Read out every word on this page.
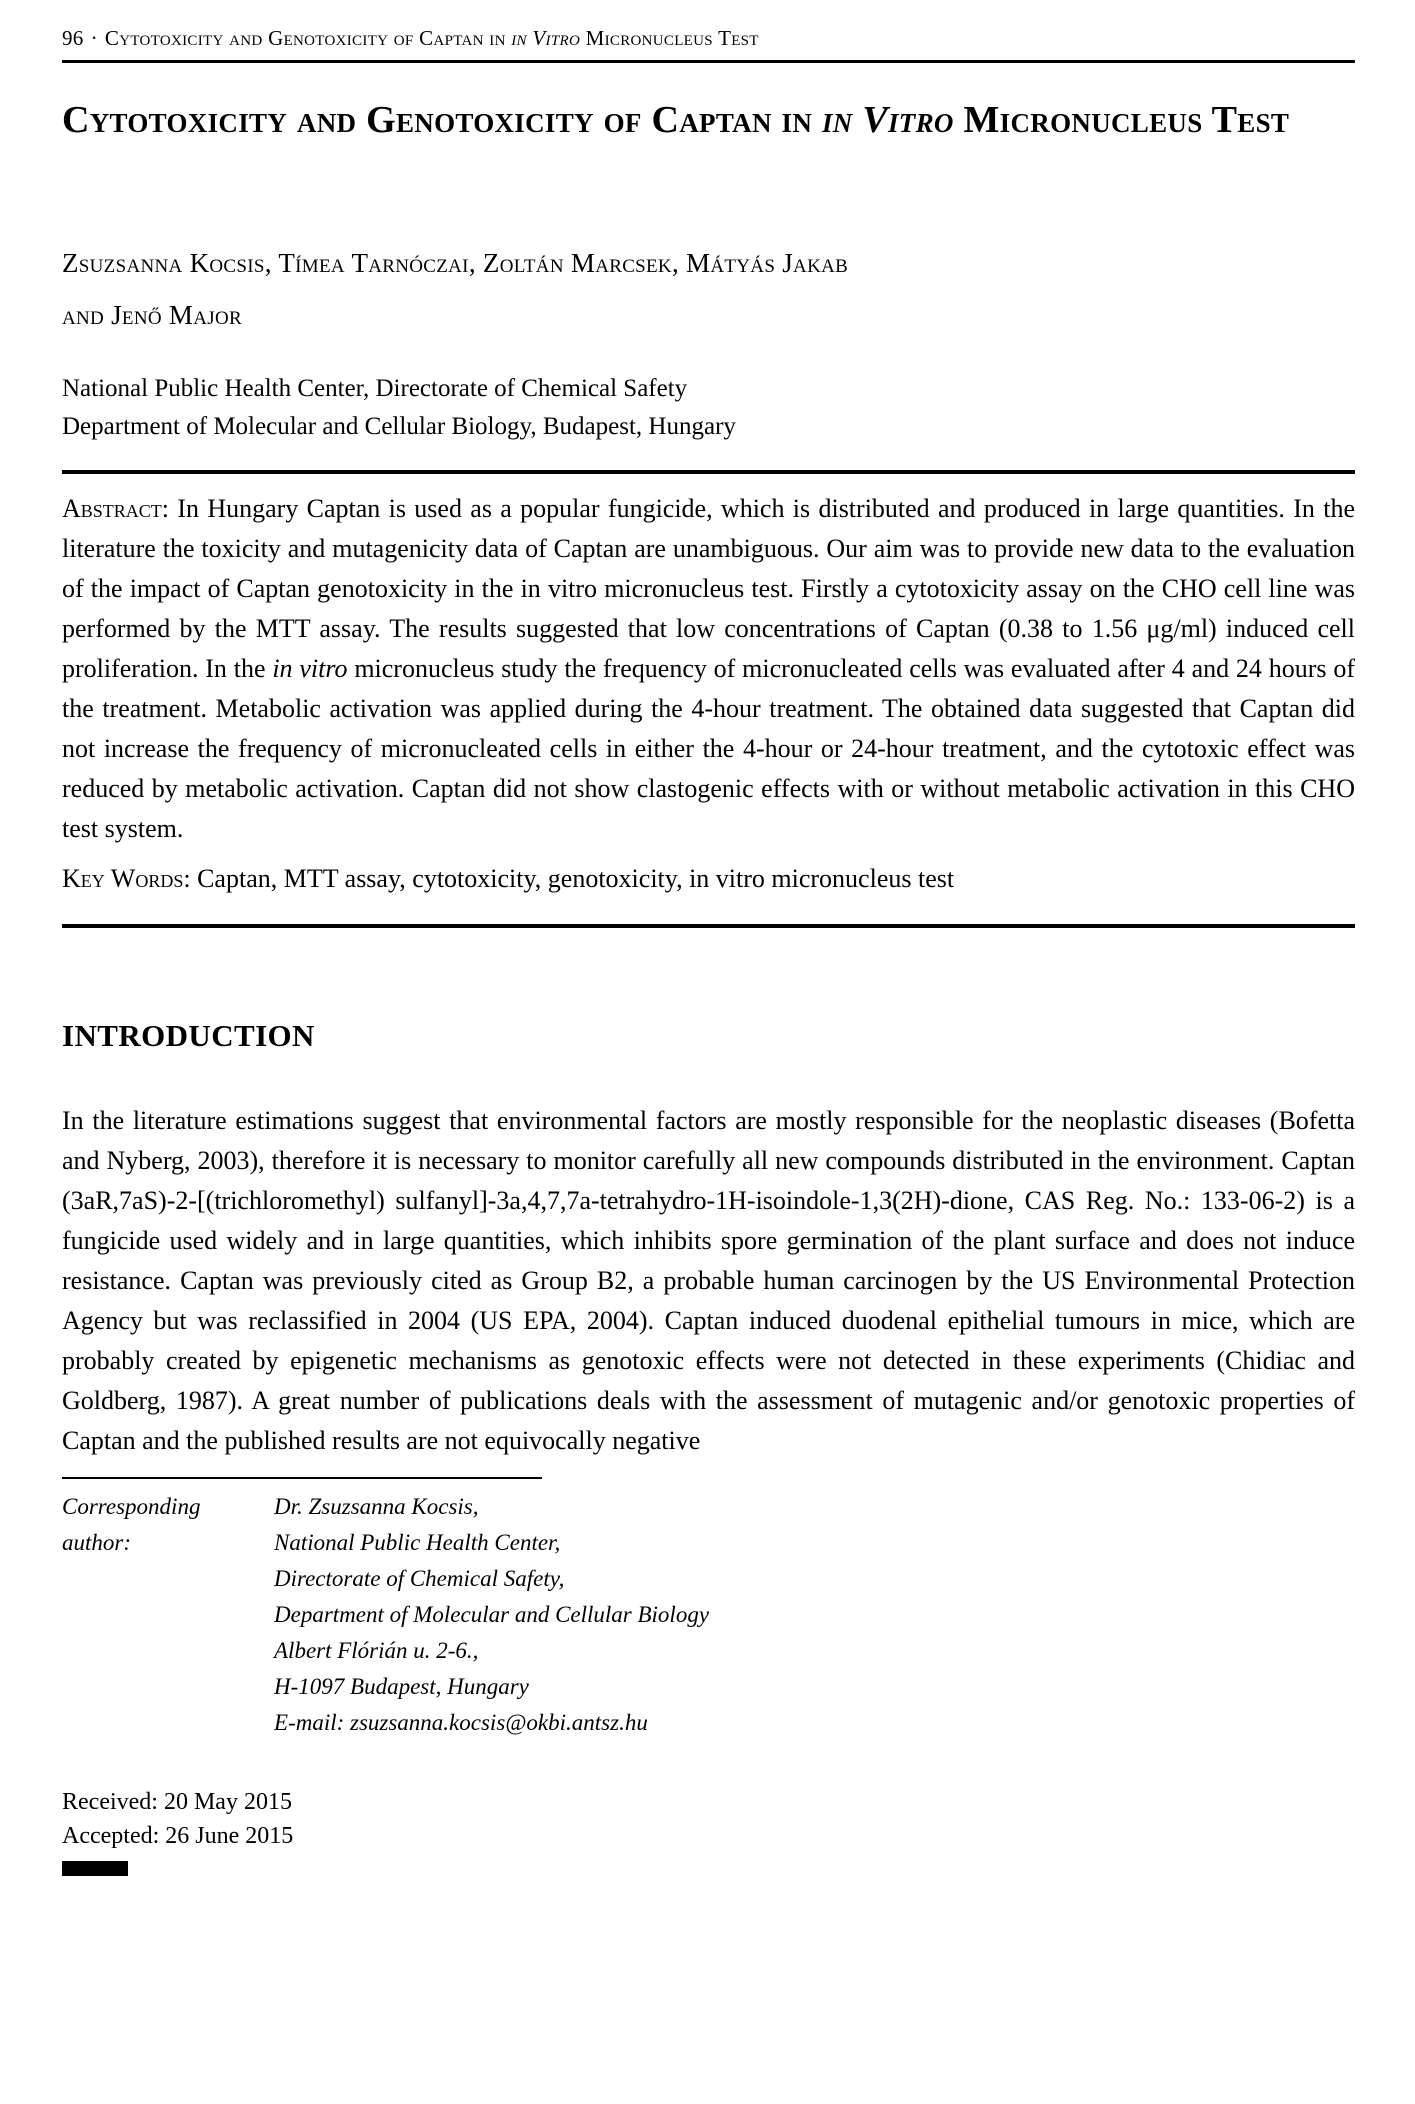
96 · Cytotoxicity and Genotoxicity of Captan in in Vitro Micronucleus Test
Cytotoxicity and Genotoxicity of Captan in in Vitro Micronucleus Test
Zsuzsanna Kocsis, Tímea Tarnóczai, Zoltán Marcsek, Mátyás Jakab
and Jenő Major
National Public Health Center, Directorate of Chemical Safety
Department of Molecular and Cellular Biology, Budapest, Hungary
Abstract: In Hungary Captan is used as a popular fungicide, which is distributed and produced in large quantities. In the literature the toxicity and mutagenicity data of Captan are unambiguous. Our aim was to provide new data to the evaluation of the impact of Captan genotoxicity in the in vitro micronucleus test. Firstly a cytotoxicity assay on the CHO cell line was performed by the MTT assay. The results suggested that low concentrations of Captan (0.38 to 1.56 μg/ml) induced cell proliferation. In the in vitro micronucleus study the frequency of micronucleated cells was evaluated after 4 and 24 hours of the treatment. Metabolic activation was applied during the 4-hour treatment. The obtained data suggested that Captan did not increase the frequency of micronucleated cells in either the 4-hour or 24-hour treatment, and the cytotoxic effect was reduced by metabolic activation. Captan did not show clastogenic effects with or without metabolic activation in this CHO test system.
Key Words: Captan, MTT assay, cytotoxicity, genotoxicity, in vitro micronucleus test
INTRODUCTION
In the literature estimations suggest that environmental factors are mostly responsible for the neoplastic diseases (Bofetta and Nyberg, 2003), therefore it is necessary to monitor carefully all new compounds distributed in the environment. Captan (3aR,7aS)-2-[(trichloromethyl) sulfanyl]-3a,4,7,7a-tetrahydro-1H-isoindole-1,3(2H)-dione, CAS Reg. No.: 133-06-2) is a fungicide used widely and in large quantities, which inhibits spore germination of the plant surface and does not induce resistance. Captan was previously cited as Group B2, a probable human carcinogen by the US Environmental Protection Agency but was reclassified in 2004 (US EPA, 2004). Captan induced duodenal epithelial tumours in mice, which are probably created by epigenetic mechanisms as genotoxic effects were not detected in these experiments (Chidiac and Goldberg, 1987). A great number of publications deals with the assessment of mutagenic and/or genotoxic properties of Captan and the published results are not equivocally negative
Corresponding author:
Dr. Zsuzsanna Kocsis,
National Public Health Center,
Directorate of Chemical Safety,
Department of Molecular and Cellular Biology
Albert Flórián u. 2-6.,
H-1097 Budapest, Hungary
E-mail: zsuzsanna.kocsis@okbi.antsz.hu
Received: 20 May 2015
Accepted: 26 June 2015
